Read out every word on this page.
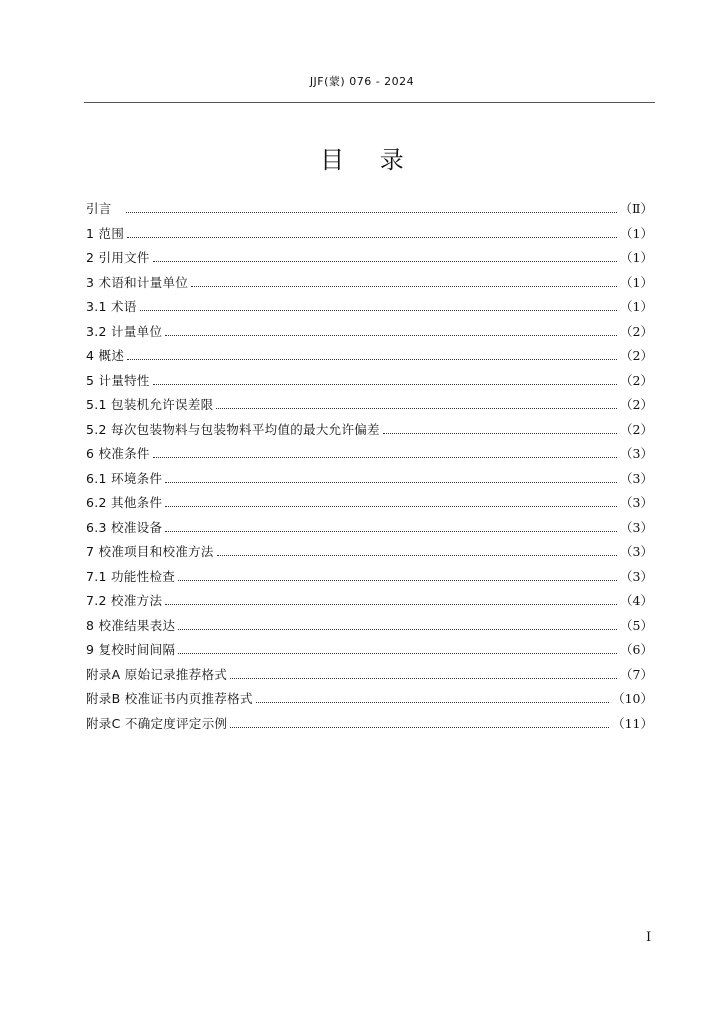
JJF(蒙) 076 - 2024
目 录
引言	（Ⅱ）
1 范围	（1）
2 引用文件	（1）
3 术语和计量单位	（1）
3.1 术语	（1）
3.2 计量单位	（2）
4 概述	（2）
5 计量特性	（2）
5.1 包装机允许误差限	（2）
5.2 每次包装物料与包装物料平均值的最大允许偏差	（2）
6 校准条件	（3）
6.1 环境条件	（3）
6.2 其他条件	（3）
6.3 校准设备	（3）
7 校准项目和校准方法	（3）
7.1 功能性检查	（3）
7.2 校准方法	（4）
8 校准结果表达	（5）
9 复校时间间隔	（6）
附录A 原始记录推荐格式	（7）
附录B 校准证书内页推荐格式	（10）
附录C 不确定度评定示例	（11）
I
